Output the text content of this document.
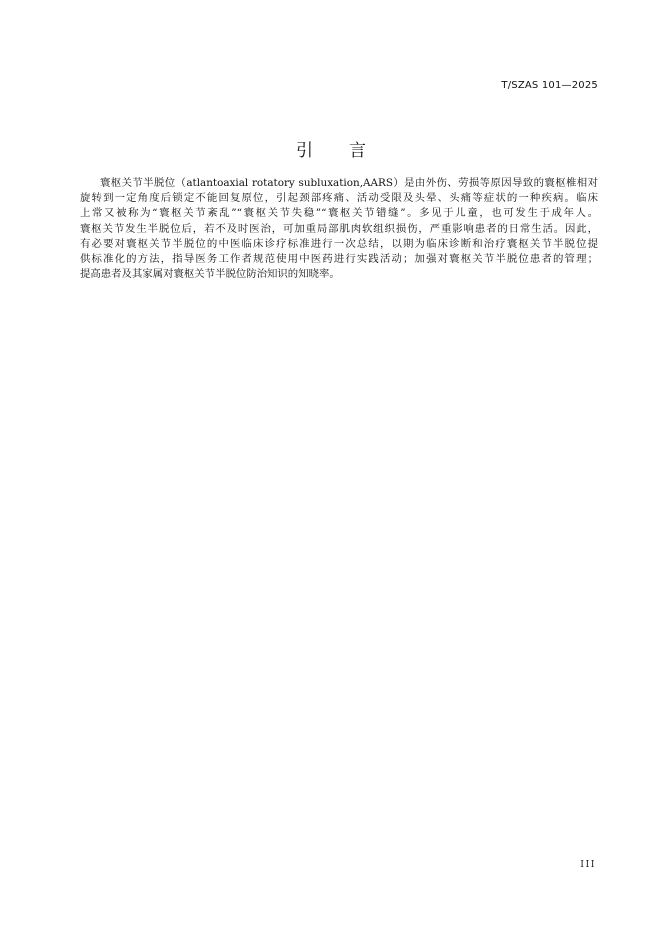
T/SZAS 101—2025
引言
寰枢关节半脱位（atlantoaxial rotatory subluxation,AARS）是由外伤、劳损等原因导致的寰枢椎相对
旋转到一定角度后锁定不能回复原位，引起颈部疼痛、活动受限及头晕、头痛等症状的一种疾病。临床
上常又被称为“寰枢关节紊乱”“寰枢关节失稳”“寰枢关节错缝”。多见于儿童，也可发生于成年人。
寰枢关节发生半脱位后，若不及时医治，可加重局部肌肉软组织损伤，严重影响患者的日常生活。因此，
有必要对寰枢关节半脱位的中医临床诊疗标准进行一次总结，以期为临床诊断和治疗寰枢关节半脱位提
供标准化的方法，指导医务工作者规范使用中医药进行实践活动；加强对寰枢关节半脱位患者的管理；
提高患者及其家属对寰枢关节半脱位防治知识的知晓率。
III
